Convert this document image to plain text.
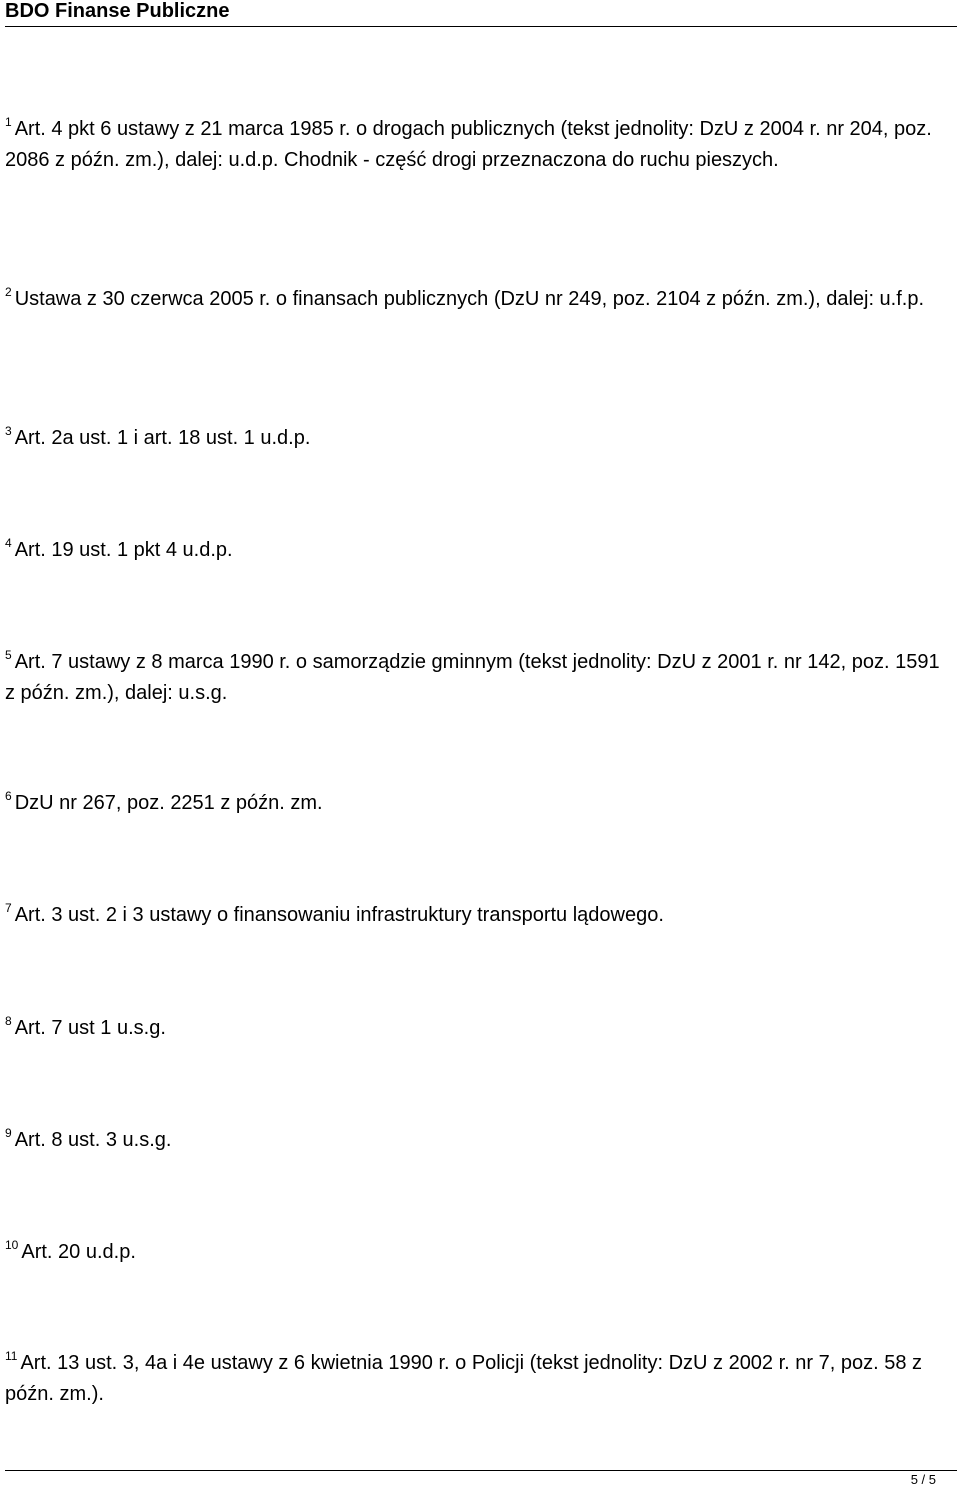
BDO Finanse Publiczne
$^1$ Art. 4 pkt 6 ustawy z 21 marca 1985 r. o drogach publicznych (tekst jednolity: DzU z 2004 r. nr 204, poz. 2086 z późn. zm.), dalej: u.d.p. Chodnik - część drogi przeznaczona do ruchu pieszych.
$^2$ Ustawa z 30 czerwca 2005 r. o finansach publicznych (DzU nr 249, poz. 2104 z późn. zm.), dalej: u.f.p.
$^3$ Art. 2a ust. 1 i art. 18 ust. 1 u.d.p.
$^4$ Art. 19 ust. 1 pkt 4 u.d.p.
$^5$ Art. 7 ustawy z 8 marca 1990 r. o samorządzie gminnym (tekst jednolity: DzU z 2001 r. nr 142, poz. 1591 z późn. zm.), dalej: u.s.g.
$^6$ DzU nr 267, poz. 2251 z późn. zm.
$^7$ Art. 3 ust. 2 i 3 ustawy o finansowaniu infrastruktury transportu lądowego.
$^8$ Art. 7 ust 1 u.s.g.
$^9$ Art. 8 ust. 3 u.s.g.
$^{10}$ Art. 20 u.d.p.
$^{11}$ Art. 13 ust. 3, 4a i 4e ustawy z 6 kwietnia 1990 r. o Policji (tekst jednolity: DzU z 2002 r. nr 7, poz. 58 z późn. zm.).
5 / 5
